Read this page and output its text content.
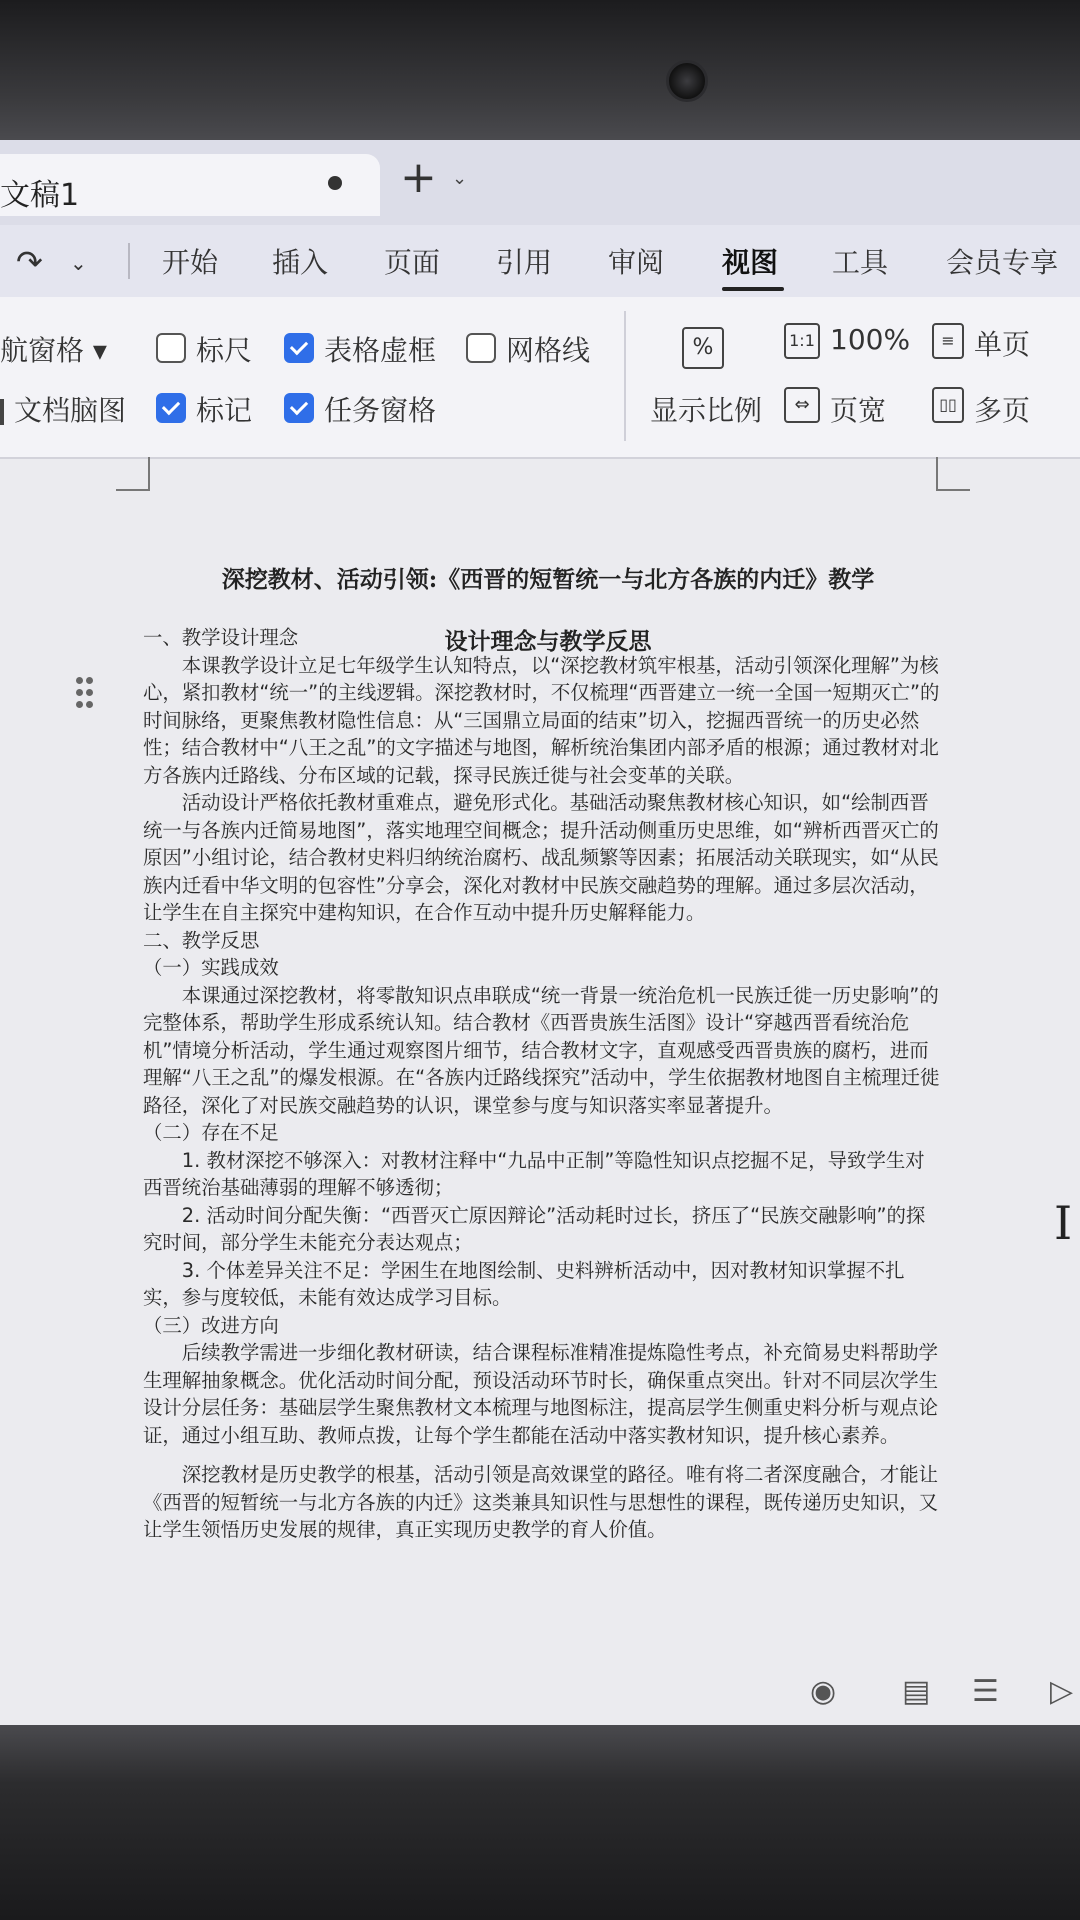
文稿1	+ ⌄
↷ ⌄	开始 插入 页面 引用 审阅 视图 工具 会员专享
航窗格 ▾
文档脑图
标尺	表格虚框 网格线
标记	任务窗格
%
显示比例
1:1 100%
⇔ 页宽
≡ 单页
▯▯ 多页
深挖教材、活动引领:《西晋的短暂统一与北方各族的内迁》教学
设计理念与教学反思

一、教学设计理念

本课教学设计立足七年级学生认知特点，以“深挖教材筑牢根基，活动引领深化理解”为核心，紧扣教材“统一”的主线逻辑。深挖教材时，不仅梳理“西晋建立一统一全国一短期灭亡”的时间脉络，更聚焦教材隐性信息：从“三国鼎立局面的结束”切入，挖掘西晋统一的历史必然性；结合教材中“八王之乱”的文字描述与地图，解析统治集团内部矛盾的根源；通过教材对北方各族内迁路线、分布区域的记载，探寻民族迁徙与社会变革的关联。

活动设计严格依托教材重难点，避免形式化。基础活动聚焦教材核心知识，如“绘制西晋统一与各族内迁简易地图”，落实地理空间概念；提升活动侧重历史思维，如“辨析西晋灭亡的原因”小组讨论，结合教材史料归纳统治腐朽、战乱频繁等因素；拓展活动关联现实，如“从民族内迁看中华文明的包容性”分享会，深化对教材中民族交融趋势的理解。通过多层次活动，让学生在自主探究中建构知识，在合作互动中提升历史解释能力。

二、教学反思

（一）实践成效

本课通过深挖教材，将零散知识点串联成“统一背景一统治危机一民族迁徙一历史影响”的完整体系，帮助学生形成系统认知。结合教材《西晋贵族生活图》设计“穿越西晋看统治危机”情境分析活动，学生通过观察图片细节，结合教材文字，直观感受西晋贵族的腐朽，进而理解“八王之乱”的爆发根源。在“各族内迁路线探究”活动中，学生依据教材地图自主梳理迁徙路径，深化了对民族交融趋势的认识，课堂参与度与知识落实率显著提升。

（二）存在不足

1. 教材深挖不够深入：对教材注释中“九品中正制”等隐性知识点挖掘不足，导致学生对西晋统治基础薄弱的理解不够透彻；

2. 活动时间分配失衡：“西晋灭亡原因辩论”活动耗时过长，挤压了“民族交融影响”的探究时间，部分学生未能充分表达观点；

3. 个体差异关注不足：学困生在地图绘制、史料辨析活动中，因对教材知识掌握不扎实，参与度较低，未能有效达成学习目标。

（三）改进方向

后续教学需进一步细化教材研读，结合课程标准精准提炼隐性考点，补充简易史料帮助学生理解抽象概念。优化活动时间分配，预设活动环节时长，确保重点突出。针对不同层次学生设计分层任务：基础层学生聚焦教材文本梳理与地图标注，提高层学生侧重史料分析与观点论证，通过小组互助、教师点拨，让每个学生都能在活动中落实教材知识，提升核心素养。

深挖教材是历史教学的根基，活动引领是高效课堂的路径。唯有将二者深度融合，才能让《西晋的短暂统一与北方各族的内迁》这类兼具知识性与思想性的课程，既传递历史知识，又让学生领悟历史发展的规律，真正实现历史教学的育人价值。

I
◉ ▤ ☰ ▷
